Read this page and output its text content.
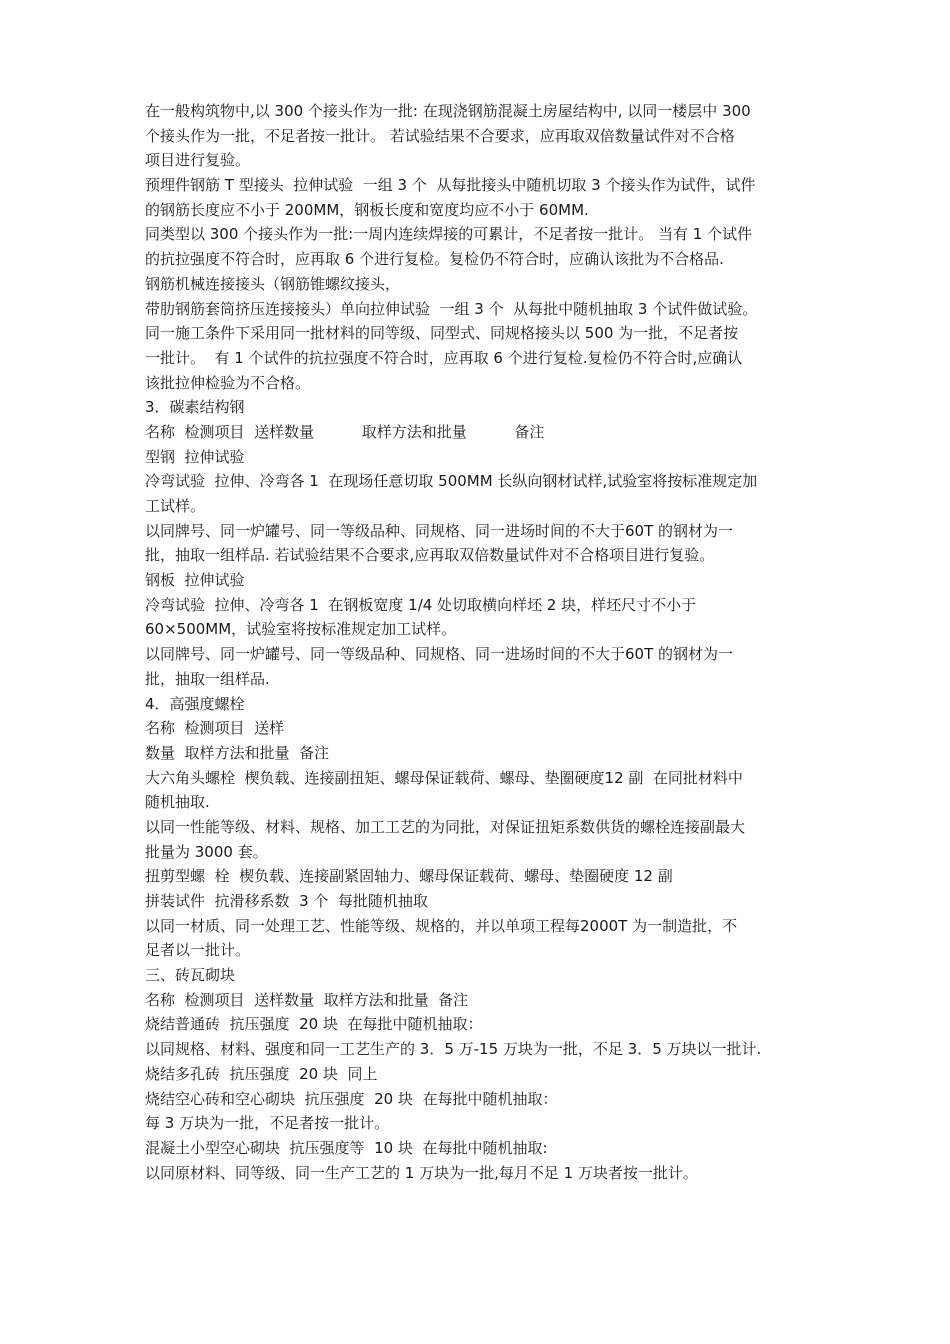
在一般构筑物中,以 300 个接头作为一批: 在现浇钢筋混凝土房屋结构中, 以同一楼层中 300
个接头作为一批，不足者按一批计。 若试验结果不合要求，应再取双倍数量试件对不合格
项目进行复验。
预埋件钢筋 T 型接头  拉伸试验  一组 3 个  从每批接头中随机切取 3 个接头作为试件，试件
的钢筋长度应不小于 200MM，钢板长度和宽度均应不小于 60MM.
同类型以 300 个接头作为一批:一周内连续焊接的可累计，不足者按一批计。 当有 1 个试件
的抗拉强度不符合时，应再取 6 个进行复检。复检仍不符合时，应确认该批为不合格品.
钢筋机械连接接头（钢筋锥螺纹接头，
带肋钢筋套筒挤压连接接头）单向拉伸试验  一组 3 个  从每批中随机抽取 3 个试件做试验。
同一施工条件下采用同一批材料的同等级、同型式、同规格接头以 500 为一批，不足者按
一批计。  有 1 个试件的抗拉强度不符合时，应再取 6 个进行复检.复检仍不符合时,应确认
该批拉伸检验为不合格。
3．碳素结构钢
名称  检测项目  送样数量          取样方法和批量          备注
型钢  拉伸试验
冷弯试验  拉伸、冷弯各 1  在现场任意切取 500MM 长纵向钢材试样,试验室将按标准规定加
工试样。
以同牌号、同一炉罐号、同一等级品种、同规格、同一进场时间的不大于60T 的钢材为一
批，抽取一组样品. 若试验结果不合要求,应再取双倍数量试件对不合格项目进行复验。
钢板  拉伸试验
冷弯试验  拉伸、冷弯各 1  在钢板宽度 1/4 处切取横向样坯 2 块，样坯尺寸不小于
60×500MM，试验室将按标准规定加工试样。
以同牌号、同一炉罐号、同一等级品种、同规格、同一进场时间的不大于60T 的钢材为一
批，抽取一组样品.
4．高强度螺栓
名称  检测项目  送样
数量  取样方法和批量  备注
大六角头螺栓  楔负载、连接副扭矩、螺母保证载荷、螺母、垫圈硬度12 副  在同批材料中
随机抽取.
以同一性能等级、材料、规格、加工工艺的为同批，对保证扭矩系数供货的螺栓连接副最大
批量为 3000 套。
扭剪型螺  栓  楔负载、连接副紧固轴力、螺母保证载荷、螺母、垫圈硬度 12 副
拼装试件  抗滑移系数  3 个  每批随机抽取
以同一材质、同一处理工艺、性能等级、规格的，并以单项工程每2000T 为一制造批，不
足者以一批计。
三、砖瓦砌块
名称  检测项目  送样数量  取样方法和批量  备注
烧结普通砖  抗压强度  20 块  在每批中随机抽取：
以同规格、材料、强度和同一工艺生产的 3．5 万-15 万块为一批，不足 3．5 万块以一批计.
烧结多孔砖  抗压强度  20 块  同上
烧结空心砖和空心砌块  抗压强度  20 块  在每批中随机抽取：
每 3 万块为一批，不足者按一批计。
混凝土小型空心砌块  抗压强度等  10 块  在每批中随机抽取:
以同原材料、同等级、同一生产工艺的 1 万块为一批,每月不足 1 万块者按一批计。
